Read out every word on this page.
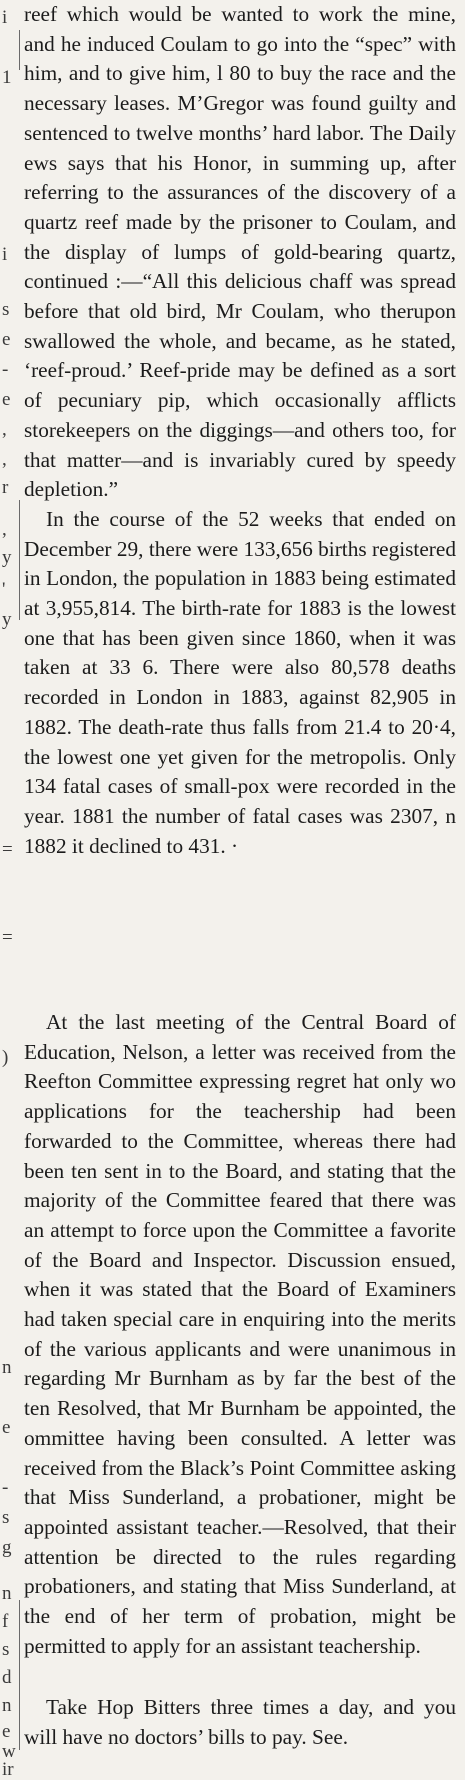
i
1
i
s
e
-
e
,
,
r
,
y
'
y
=
=
)
n
e
-
s
g
n
f
s
d
n
e
w
ir

reef which would be wanted to work the mine, and he induced Coulam to go into the “spec” with him, and to give him, l 80 to buy the race and the necessary leases. M’Gregor was found guilty and sentenced to twelve months’ hard labor. The Daily ews says that his Honor, in summing up, after referring to the assurances of the discovery of a quartz reef made by the prisoner to Coulam, and the display of lumps of gold-bearing quartz, continued :—“All this delicious chaff was spread before that old bird, Mr Coulam, who therupon swallowed the whole, and became, as he stated, ‘reef-proud.’ Reef-pride may be defined as a sort of pecuniary pip, which occasionally afflicts storekeepers on the diggings—and others too, for that matter—and is invariably cured by speedy depletion.”

In the course of the 52 weeks that ended on December 29, there were 133,656 births registered in London, the population in 1883 being estimated at 3,955,814. The birth-rate for 1883 is the lowest one that has been given since 1860, when it was taken at 33 6. There were also 80,578 deaths recorded in London in 1883, against 82,905 in 1882. The death-rate thus falls from 21.4 to 20·4, the lowest one yet given for the metropolis. Only 134 fatal cases of small-pox were recorded in the year. 1881 the number of fatal cases was 2307, n 1882 it declined to 431. ·

At the last meeting of the Central Board of Education, Nelson, a letter was received from the Reefton Committee expressing regret hat only wo applications for the teachership had been forwarded to the Committee, whereas there had been ten sent in to the Board, and stating that the majority of the Committee feared that there was an attempt to force upon the Committee a favorite of the Board and Inspector. Discussion ensued, when it was stated that the Board of Examiners had taken special care in enquiring into the merits of the various applicants and were unanimous in regarding Mr Burnham as by far the best of the ten Resolved, that Mr Burnham be appointed, the ommittee having been consulted. A letter was received from the Black’s Point Committee asking that Miss Sunderland, a probationer, might be appointed assistant teacher.—Resolved, that their attention be directed to the rules regarding probationers, and stating that Miss Sunderland, at the end of her term of probation, might be permitted to apply for an assistant teachership.

Take Hop Bitters three times a day, and you will have no doctors’ bills to pay. See.
